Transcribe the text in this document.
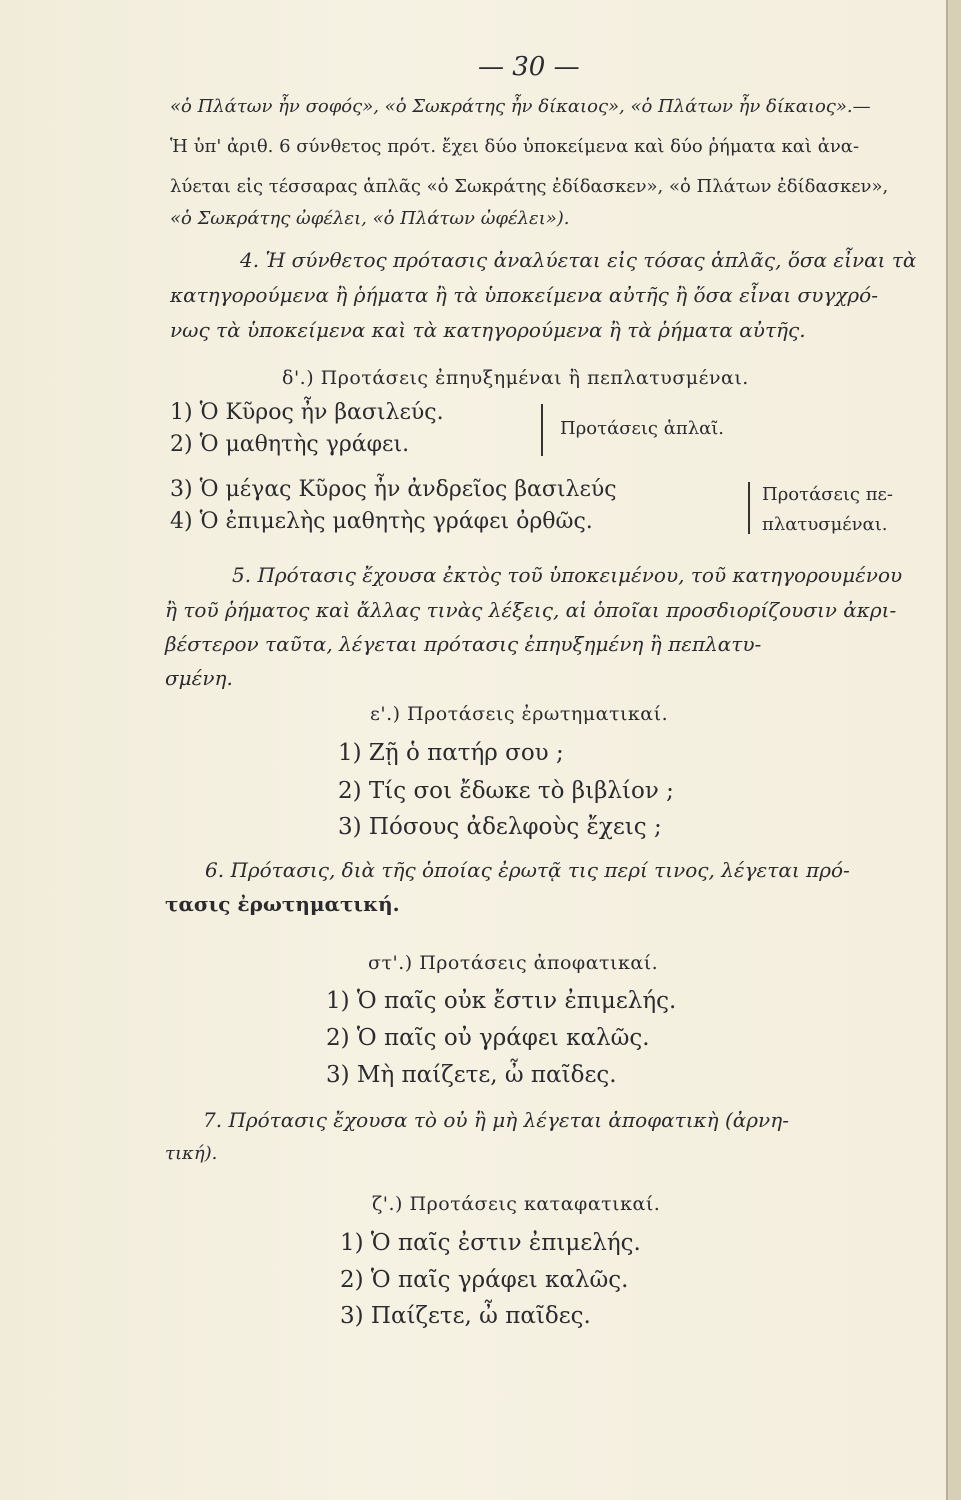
— 30 —
«ὁ Πλάτων ἦν σοφός», «ὁ Σωκράτης ἦν δίκαιος», «ὁ Πλάτων ἦν δίκαιος».—
Ἡ ὑπ' ἀριθ. 6 σύνθετος πρότ. ἔχει δύο ὑποκείμενα καὶ δύο ῥήματα καὶ ἀνα-
λύεται εἰς τέσσαρας ἁπλᾶς «ὁ Σωκράτης ἐδίδασκεν», «ὁ Πλάτων ἐδίδασκεν»,
«ὁ Σωκράτης ὠφέλει, «ὁ Πλάτων ὠφέλει»).
4. Ἡ σύνθετος πρότασις ἀναλύεται εἰς τόσας ἁπλᾶς, ὅσα εἶναι τὰ
κατηγορούμενα ἢ ῥήματα ἢ τὰ ὑποκείμενα αὐτῆς ἢ ὅσα εἶναι συγχρό-
νως τὰ ὑποκείμενα καὶ τὰ κατηγορούμενα ἢ τὰ ῥήματα αὐτῆς.
δ'.) Προτάσεις ἐπηυξημέναι ἢ πεπλατυσμέναι.
1) Ὁ Κῦρος ἦν βασιλεύς.
2) Ὁ μαθητὴς γράφει.
Προτάσεις ἁπλαῖ.
3) Ὁ μέγας Κῦρος ἦν ἀνδρεῖος βασιλεύς
4) Ὁ ἐπιμελὴς μαθητὴς γράφει ὀρθῶς.
Προτάσεις πε-
πλατυσμέναι.
5. Πρότασις ἔχουσα ἐκτὸς τοῦ ὑποκειμένου, τοῦ κατηγορουμένου
ἢ τοῦ ῥήματος καὶ ἄλλας τινὰς λέξεις, αἱ ὁποῖαι προσδιορίζουσιν ἀκρι-
βέστερον ταῦτα, λέγεται πρότασις ἐπηυξημένη ἢ πεπλατυ-
σμένη.
ε'.) Προτάσεις ἐρωτηματικαί.
1) Ζῇ ὁ πατήρ σου ;
2) Τίς σοι ἔδωκε τὸ βιβλίον ;
3) Πόσους ἀδελφοὺς ἔχεις ;
6. Πρότασις, διὰ τῆς ὁποίας ἐρωτᾷ τις περί τινος, λέγεται πρό-
τασις ἐρωτηματική.
στ'.) Προτάσεις ἀποφατικαί.
1) Ὁ παῖς οὐκ ἔστιν ἐπιμελής.
2) Ὁ παῖς οὐ γράφει καλῶς.
3) Μὴ παίζετε, ὦ παῖδες.
7. Πρότασις ἔχουσα τὸ οὐ ἢ μὴ λέγεται ἀποφατικὴ (ἀρνη-
τική).
ζ'.) Προτάσεις καταφατικαί.
1) Ὁ παῖς ἐστιν ἐπιμελής.
2) Ὁ παῖς γράφει καλῶς.
3) Παίζετε, ὦ παῖδες.
